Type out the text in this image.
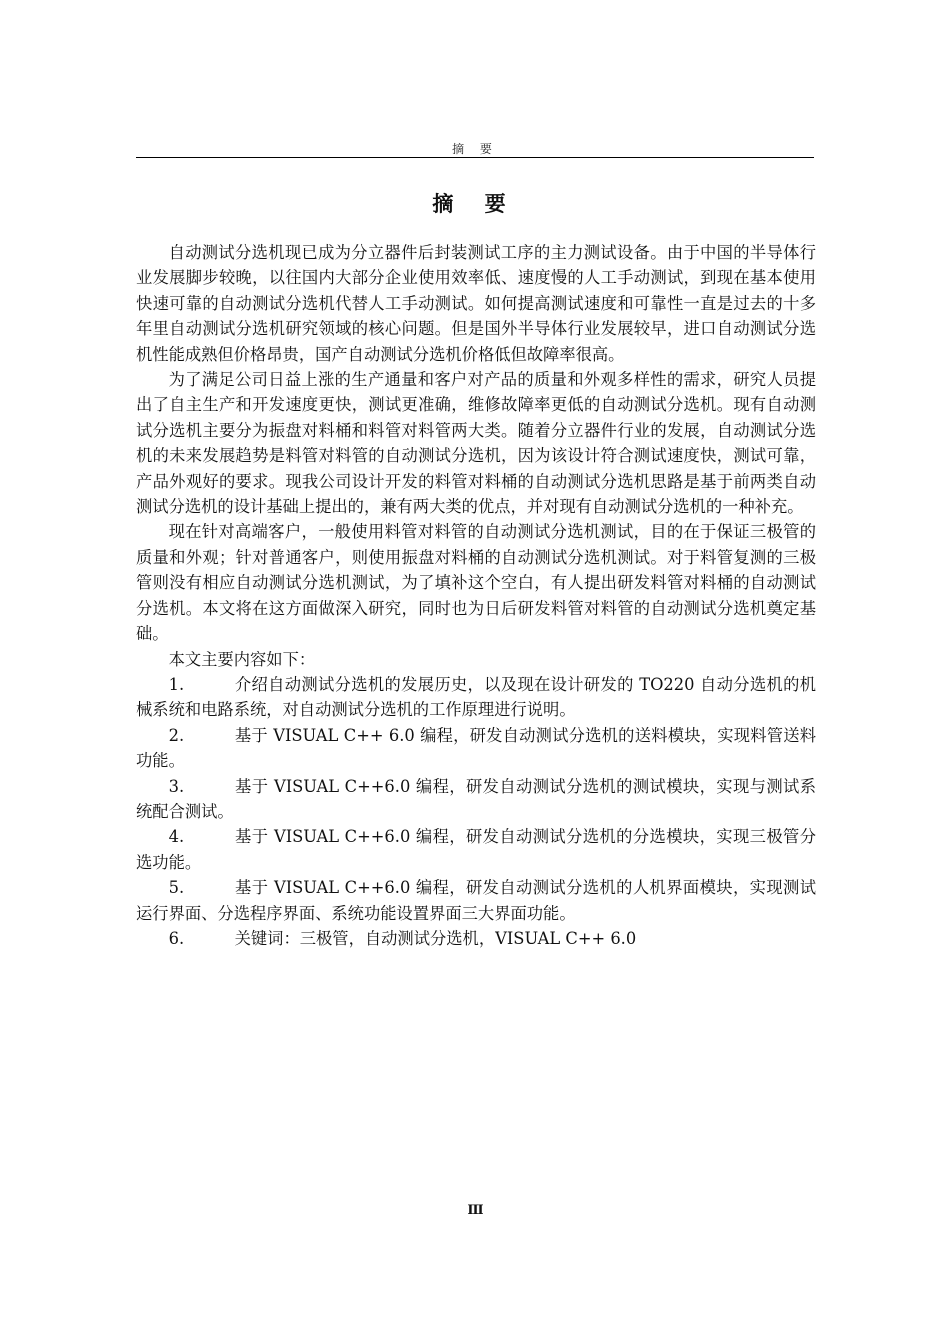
摘 要
摘 要

自动测试分选机现已成为分立器件后封装测试工序的主力测试设备。由于中国的半导体行业发展脚步较晚，以往国内大部分企业使用效率低、速度慢的人工手动测试，到现在基本使用快速可靠的自动测试分选机代替人工手动测试。如何提高测试速度和可靠性一直是过去的十多年里自动测试分选机研究领域的核心问题。但是国外半导体行业发展较早，进口自动测试分选机性能成熟但价格昂贵，国产自动测试分选机价格低但故障率很高。

为了满足公司日益上涨的生产通量和客户对产品的质量和外观多样性的需求，研究人员提出了自主生产和开发速度更快，测试更准确，维修故障率更低的自动测试分选机。现有自动测试分选机主要分为振盘对料桶和料管对料管两大类。随着分立器件行业的发展，自动测试分选机的未来发展趋势是料管对料管的自动测试分选机，因为该设计符合测试速度快，测试可靠，产品外观好的要求。现我公司设计开发的料管对料桶的自动测试分选机思路是基于前两类自动测试分选机的设计基础上提出的，兼有两大类的优点，并对现有自动测试分选机的一种补充。

现在针对高端客户，一般使用料管对料管的自动测试分选机测试，目的在于保证三极管的质量和外观；针对普通客户，则使用振盘对料桶的自动测试分选机测试。对于料管复测的三极管则没有相应自动测试分选机测试，为了填补这个空白，有人提出研发料管对料桶的自动测试分选机。本文将在这方面做深入研究，同时也为日后研发料管对料管的自动测试分选机奠定基础。

本文主要内容如下：

1.	介绍自动测试分选机的发展历史，以及现在设计研发的 TO220 自动分选机的机械系统和电路系统，对自动测试分选机的工作原理进行说明。

2.	基于 VISUAL C++ 6.0 编程，研发自动测试分选机的送料模块，实现料管送料功能。

3.	基于 VISUAL C++6.0 编程，研发自动测试分选机的测试模块，实现与测试系统配合测试。

4.	基于 VISUAL C++6.0 编程，研发自动测试分选机的分选模块，实现三极管分选功能。

5.	基于 VISUAL C++6.0 编程，研发自动测试分选机的人机界面模块，实现测试运行界面、分选程序界面、系统功能设置界面三大界面功能。

6.	关键词：三极管，自动测试分选机，VISUAL C++ 6.0

III
